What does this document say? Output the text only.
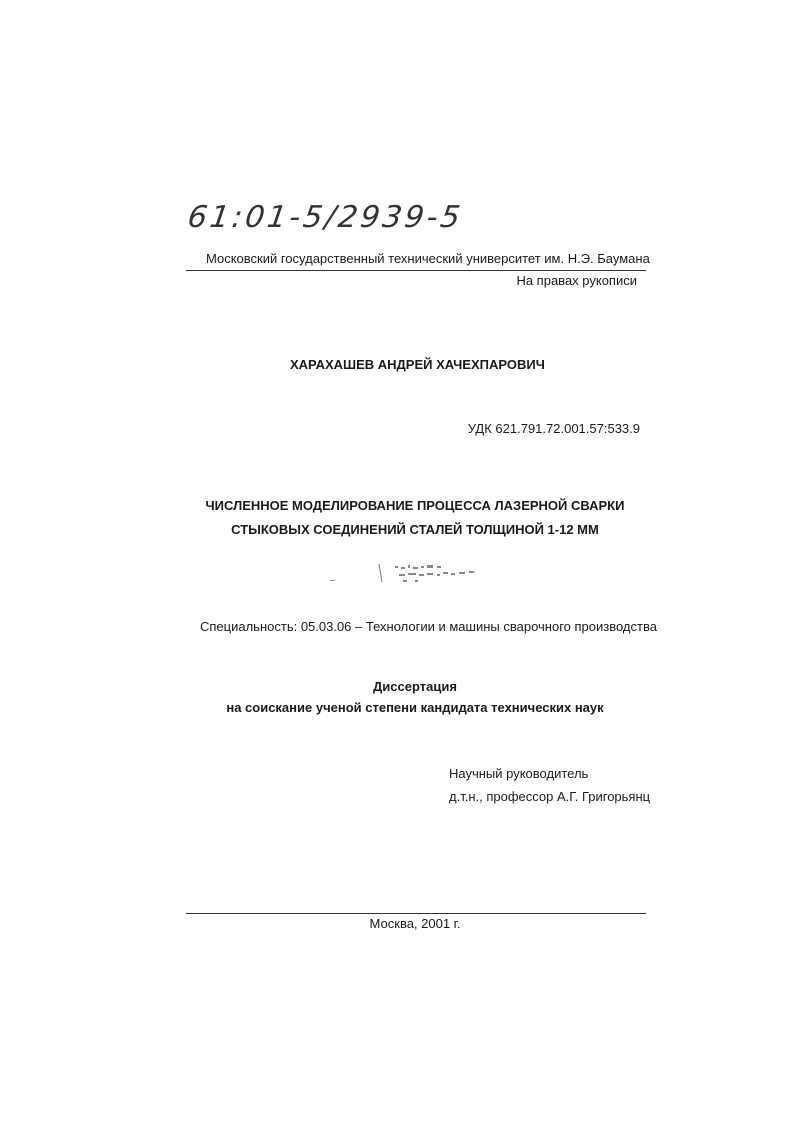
61:01-5/2939-5
Московский государственный технический университет им. Н.Э. Баумана
На правах рукописи
ХАРАХАШЕВ АНДРЕЙ ХАЧЕХПАРОВИЧ
УДК 621.791.72.001.57:533.9
ЧИСЛЕННОЕ МОДЕЛИРОВАНИЕ ПРОЦЕССА ЛАЗЕРНОЙ СВАРКИ
СТЫКОВЫХ СОЕДИНЕНИЙ СТАЛЕЙ ТОЛЩИНОЙ 1-12 ММ
Специальность: 05.03.06 – Технологии и машины сварочного производства
Диссертация
на соискание ученой степени кандидата технических наук
Научный руководитель
д.т.н., профессор А.Г. Григорьянц
Москва, 2001 г.
